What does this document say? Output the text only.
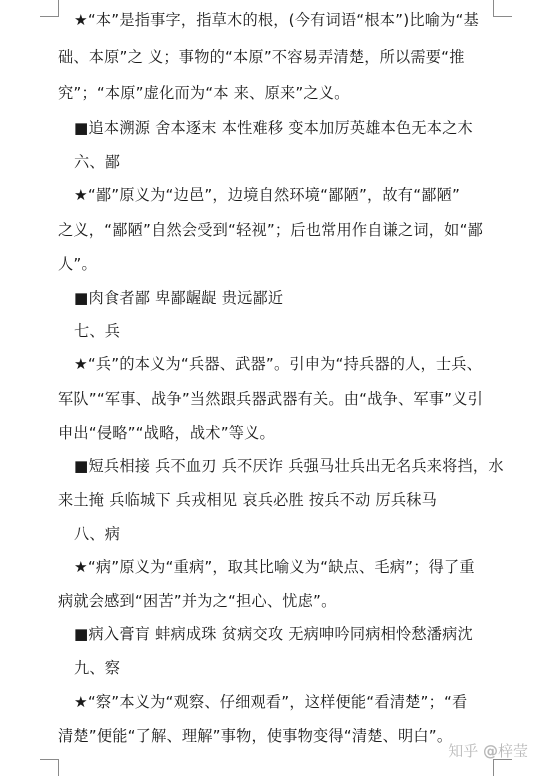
★“本”是指事字，指草木的根，(今有词语“根本”)比喻为“基
础、本原”之 义；事物的“本原”不容易弄清楚，所以需要“推
究”；“本原”虚化而为“本 来、原来”之义。
■追本溯源 舍本逐末 本性难移 变本加厉英雄本色无本之木
六、鄙
★“鄙”原义为“边邑”，边境自然环境“鄙陋”，故有“鄙陋”
之义，“鄙陋”自然会受到“轻视”；后也常用作自谦之词，如“鄙
人”。
■肉食者鄙 卑鄙龌龊 贵远鄙近
七、兵
★“兵”的本义为“兵器、武器”。引申为“持兵器的人，士兵、
军队”“军事、战争”当然跟兵器武器有关。由“战争、军事”义引
申出“侵略”“战略，战术”等义。
■短兵相接 兵不血刃 兵不厌诈 兵强马壮兵出无名兵来将挡，水
来土掩 兵临城下 兵戎相见 哀兵必胜 按兵不动 厉兵秣马
八、病
★“病”原义为“重病”，取其比喻义为“缺点、毛病”；得了重
病就会感到“困苦”并为之“担心、忧虑”。
■病入膏肓 蚌病成珠 贫病交攻 无病呻吟同病相怜愁潘病沈
九、察
★“察”本义为“观察、仔细观看”，这样便能“看清楚”；“看
清楚”便能“了解、理解”事物，使事物变得“清楚、明白”。
知乎 @梓莹
